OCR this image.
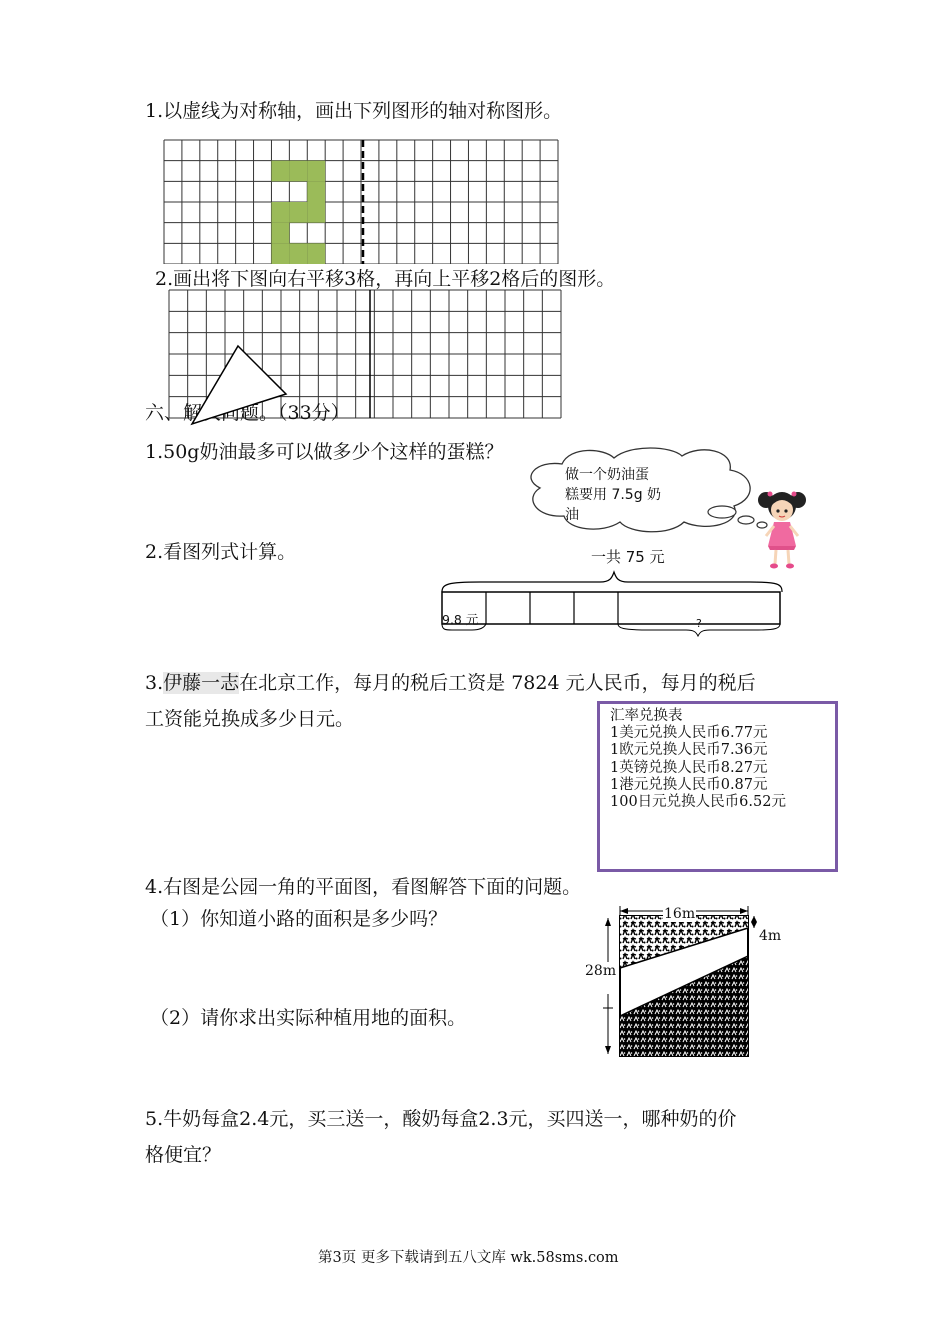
1.以虚线为对称轴，画出下列图形的轴对称图形。
2.画出将下图向右平移3格，再向上平移2格后的图形。
六、解决问题。（33分）
1.50g奶油最多可以做多少个这样的蛋糕？
做一个奶油蛋
糕要用 7.5g 奶
油
2.看图列式计算。	一共 75 元
9.8 元	?
3.伊藤一志在北京工作，每月的税后工资是 7824 元人民币，每月的税后
工资能兑换成多少日元。	汇率兑换表
1美元兑换人民币6.77元
1欧元兑换人民币7.36元
1英镑兑换人民币8.27元
1港元兑换人民币0.87元
100日元兑换人民币6.52元
4.右图是公园一角的平面图，看图解答下面的问题。
（1）你知道小路的面积是多少吗？
（2）请你求出实际种植用地的面积。
16m
4m
28m
5.牛奶每盒2.4元，买三送一，酸奶每盒2.3元，买四送一，哪种奶的价
格便宜？
第3页 更多下载请到五八文库 wk.58sms.com
